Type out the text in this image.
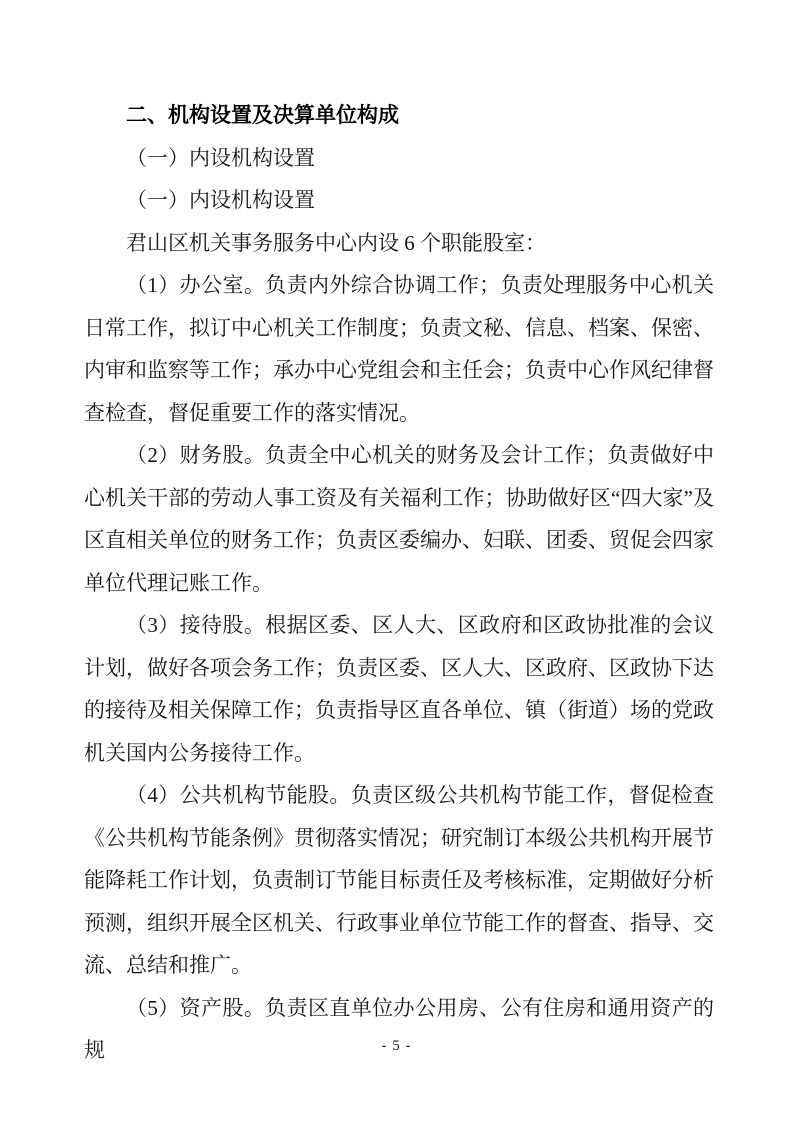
二、机构设置及决算单位构成

（一）内设机构设置

（一）内设机构设置

君山区机关事务服务中心内设 6 个职能股室：

（1）办公室。负责内外综合协调工作；负责处理服务中心机关日常工作，拟订中心机关工作制度；负责文秘、信息、档案、保密、内审和监察等工作；承办中心党组会和主任会；负责中心作风纪律督查检查，督促重要工作的落实情况。

（2）财务股。负责全中心机关的财务及会计工作；负责做好中心机关干部的劳动人事工资及有关福利工作；协助做好区“四大家”及区直相关单位的财务工作；负责区委编办、妇联、团委、贸促会四家单位代理记账工作。

（3）接待股。根据区委、区人大、区政府和区政协批准的会议计划，做好各项会务工作；负责区委、区人大、区政府、区政协下达的接待及相关保障工作；负责指导区直各单位、镇（街道）场的党政机关国内公务接待工作。

（4）公共机构节能股。负责区级公共机构节能工作，督促检查《公共机构节能条例》贯彻落实情况；研究制订本级公共机构开展节能降耗工作计划，负责制订节能目标责任及考核标准，定期做好分析预测，组织开展全区机关、行政事业单位节能工作的督查、指导、交流、总结和推广。

（5）资产股。负责区直单位办公用房、公有住房和通用资产的规	- 5 -
